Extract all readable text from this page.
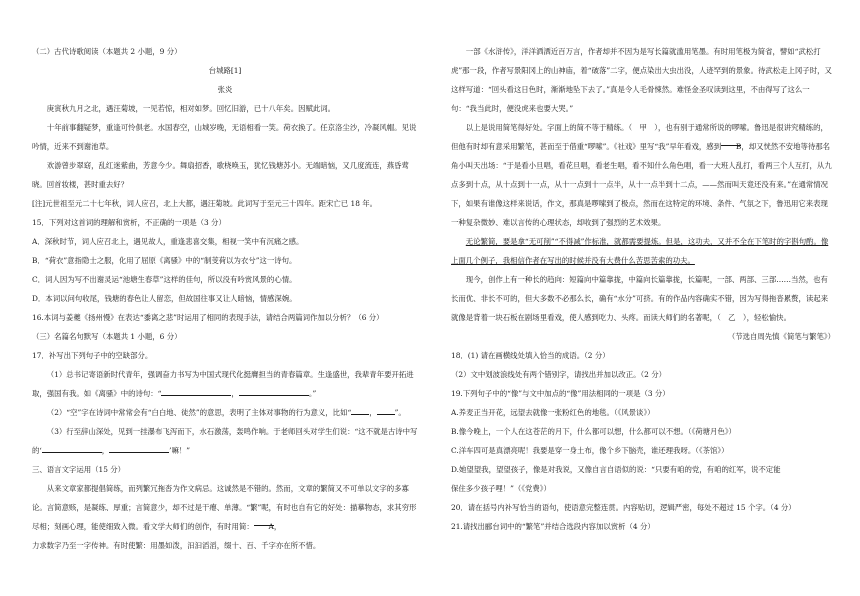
（二）古代诗歌阅读（本题共 2 小题，9 分）

台城路[1]

张炎

庚寅秋九月之北，遇汪菊坡，一见若惊，相对如梦。回忆旧游，已十八年矣。因赋此词。

十年前事翻疑梦，重逢可怜俱老。水国春空，山城岁晚，无语相看一笑。荷衣换了。任京洛尘沙，冷凝风帽。见说吟情，近来不到谢池草。

欢游曾步翠窈，乱红迷紫曲，芳意今少。舞扇招香，歌桡唤玉，犹忆钱塘苏小。无端暗恼，又几度流连，燕昏莺晓。回首妆楼，甚时重去好？

[注]元世祖至元二十七年秋，词人应召，北上大都，遇汪菊坡。此词写于至元三十四年。距宋亡已 18 年。

15．下列对这首词的理解和赏析，不正确的一项是（3 分）

A．深秋时节，词人应召北上，遇见故人，重逢悲喜交集，相视一笑中有沉痛之感。

B．“荷衣”意指隐士之服，化用了屈原《离骚》中的“制芰荷以为衣兮”这一诗句。

C．词人因为写不出谢灵运“池塘生春草”这样的佳句，所以没有吟赏风景的心情。

D．本词以问句收尾，钱塘的春色让人留恋，但故国往事又让人暗恼，情感深婉。

16.本词与姜夔《扬州慢》在表达“黍离之悲”时运用了相同的表现手法，请结合两篇词作加以分析？（6 分）

（三）名篇名句默写（本题共 1 小题，6 分）

17．补写出下列句子中的空缺部分。

（1）总书记寄语新时代青年，强调奋力书写为中国式现代化挺膺担当的青春篇章。生逢盛世，我辈青年要开拓进取，强国有我。如《离骚》中的诗句：“	，	。”

（2）“空”字在诗词中常常会有“白白地、徒然”的意思，表明了主体对事物的行为意义，比如“ ， ”。

（3）行至辞山深处，见到一挂瀑布飞泻而下，水石激荡，轰鸣作响。于老师回头对学生们说：“这不就是古诗中写的‘	，	’嘛！”

三、语言文字运用（15 分）

从来文章家都提倡简练，而列繁冗拖沓为作文病忌。这诚然是不错的。然而，文章的繁简又不可单以文字的多寡论。言简意赅，是凝练、厚重；言简意少，却不过是干瘪、单薄。“繁”呢，有时也自有它的好处：描摹物态，求其穷形尽相；刻画心理，能使细致入微。看文学大师们的创作，有时用简： A，

力求数字乃至一字传神。有时使繁：用墨如泼，汩汩滔滔，缀十、百、千字亦在所不惜。

一部《水浒传》，洋洋洒洒近百万言，作者却并不因为是写长篇就滥用笔墨。有时用笔极为简省，譬如“武松打虎”那一段，作者写景阳冈上的山神庙，着“破落”二字，便点染出大虫出没，人迹罕到的景象。待武松走上冈子时，又这样写道：“回头看这日色时，渐渐地坠下去了。”真是令人毛骨悚然。难怪金圣叹读到这里，不由得写了这么一句：“我当此时，便没虎来也要大哭。”

以上是说用简笔得好处。字面上的简不等于精练。（　甲　），也有别于通常所说的啰嗦。鲁迅是很讲究精练的，但他有时却有意采用繁笔，甚而至于借重“啰嗦”。《社戏》里写“我”早年看戏，感到 B，却又恍然不安地等待那名角小叫天出场：“于是看小旦唱，看花旦唱，看老生唱，看不知什么角色唱，看一大班人乱打，看两三个人互打，从九点多到十点，从十点到十一点，从十一点到十一点半，从十一点半到十二点，——然而叫天竟还没有来。”在通常情况下，如果有谁像这样来说话，作文，那真是啰嗦到了极点，然而在这特定的环境、条件、气氛之下，鲁迅用它来表现一种复杂微妙、难以言传的心理状态，却收到了强烈的艺术效果。

无论繁简，要是拿“无可削”“不得减”作标准，就都需要提炼。但是，这功夫，又并不全在下笔时的字斟句酌。像上面几个例子，我相信作者在写出的时候并没有大费什么苦思苦索的功夫。

现今，创作上有一种长的趋向：短篇向中篇靠拢，中篇向长篇靠拢，长篇呢，一部、两部、三部……当然，也有长而优、非长不可的，但大多数不必那么长，确有“水分”可挤。有的作品内容确实不错，因为写得拖沓累赘，读起来就像是背着一块石板在剧场里看戏，使人感到吃力、头疼。而读大师们的名著呢，（　乙　），轻松愉快。

（节选自周先慎《简笔与繁笔》）

18．(1) 请在画横线处填入恰当的成语。（2 分）

（2）文中划波浪线处有两个错别字，请找出并加以改正。（2 分）

19.下列句子中的“像”与文中加点的“像”用法相同的一项是（3 分）

A.养麦正当开花，远望去就像一张粉红色的地毯。（《风景谈》）

B.像今晚上，一个人在这苍茫的月下，什么都可以想，什么都可以不想。（《荷塘月色》）

C.洋车四可是真漂亮呢！我要是穿一身土布，像个乡下脑壳，谁还理我呀。（《茶馆》）

D.她望望我，望望孩子，像是对我说，又像自言自语似的说：“只要有咱的党，有咱的红军，说不定能

保住多少孩子哩！”（《党费》）

20．请在括号内补写恰当的语句，使语意完整连贯。内容贴切，逻辑严密，每处不超过 15 个字。（4 分）

21.请找出郦台词中的“繁笔”并结合选段内容加以赏析（4 分）
